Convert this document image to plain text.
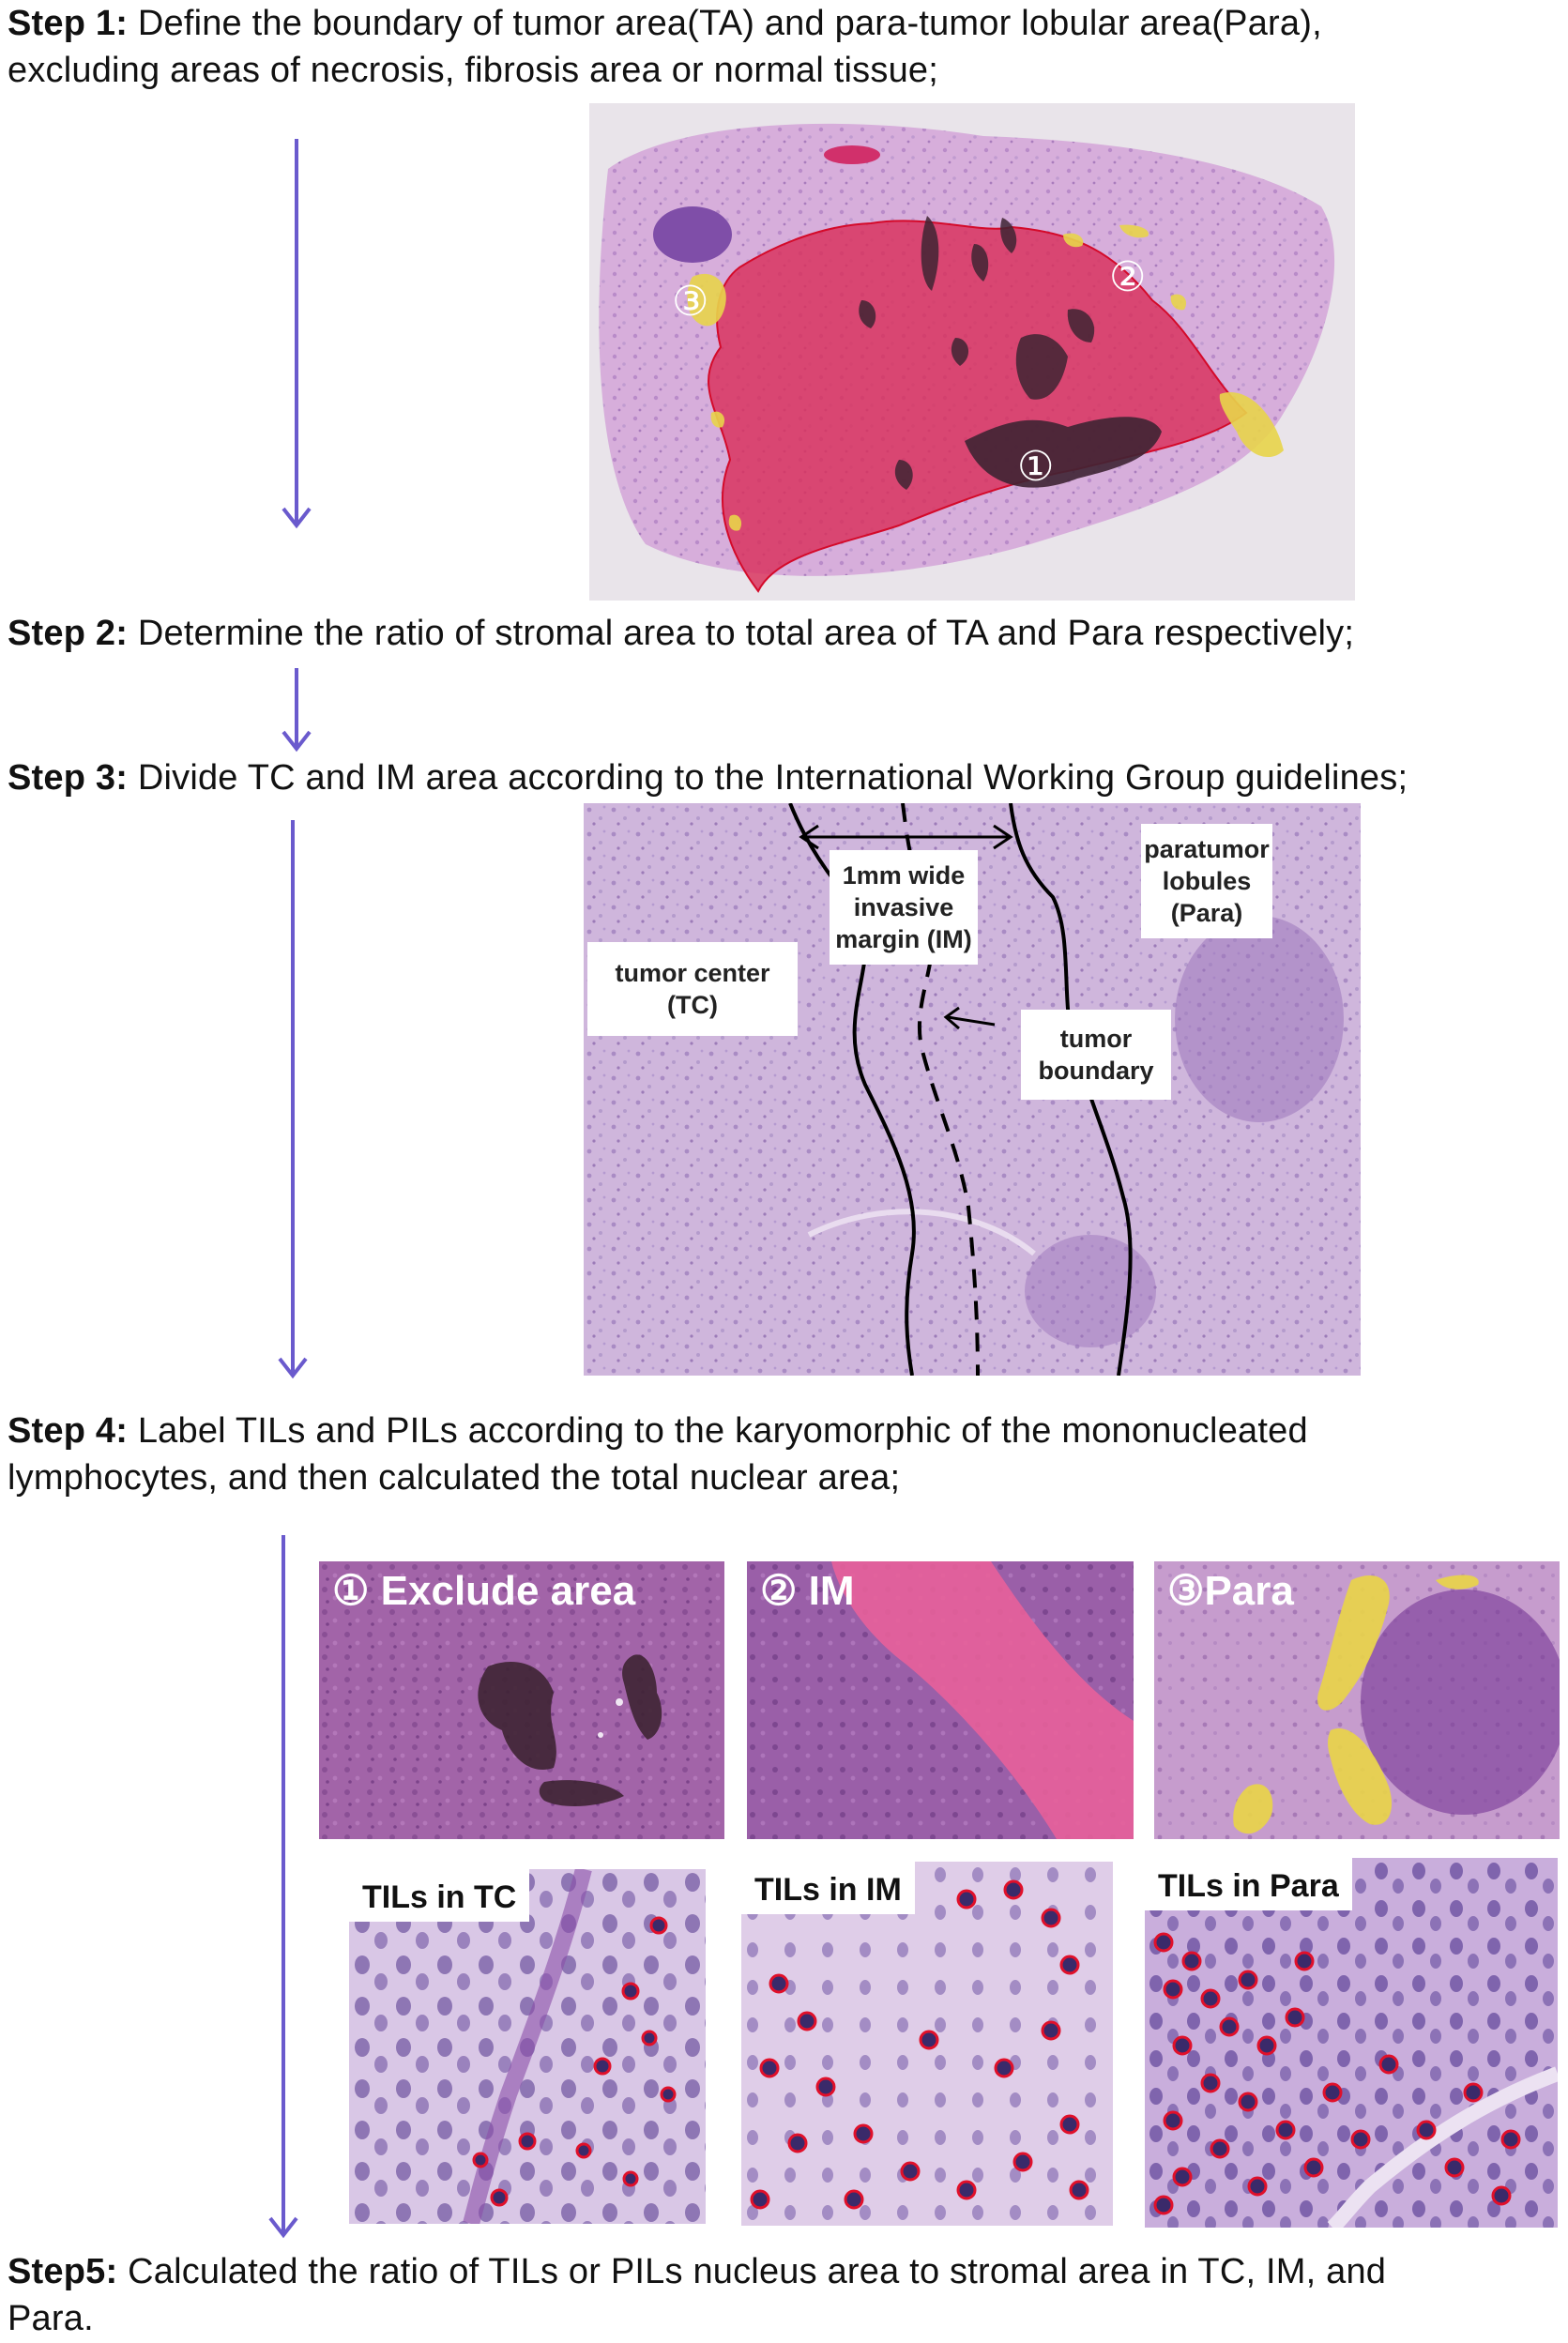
Step 1: Define the boundary of tumor area(TA) and para-tumor lobular area(Para),

excluding areas of necrosis, fibrosis area or normal tissue;

③
②
①

Step 2: Determine the ratio of stromal area to total area of TA and Para respectively;

Step 3: Divide TC and IM area according to the International Working Group guidelines;

1mm wide
invasive
margin (IM)
tumor center
(TC)
paratumor
lobules
(Para)
tumor
boundary

Step 4: Label TILs and PILs according to the karyomorphic of the mononucleated

lymphocytes, and then calculated the total nuclear area;

① Exclude area	② IM	③Para
TILs in TC	TILs in IM	TILs in Para

Step5: Calculated the ratio of TILs or PILs nucleus area to stromal area in TC, IM, and

Para.
